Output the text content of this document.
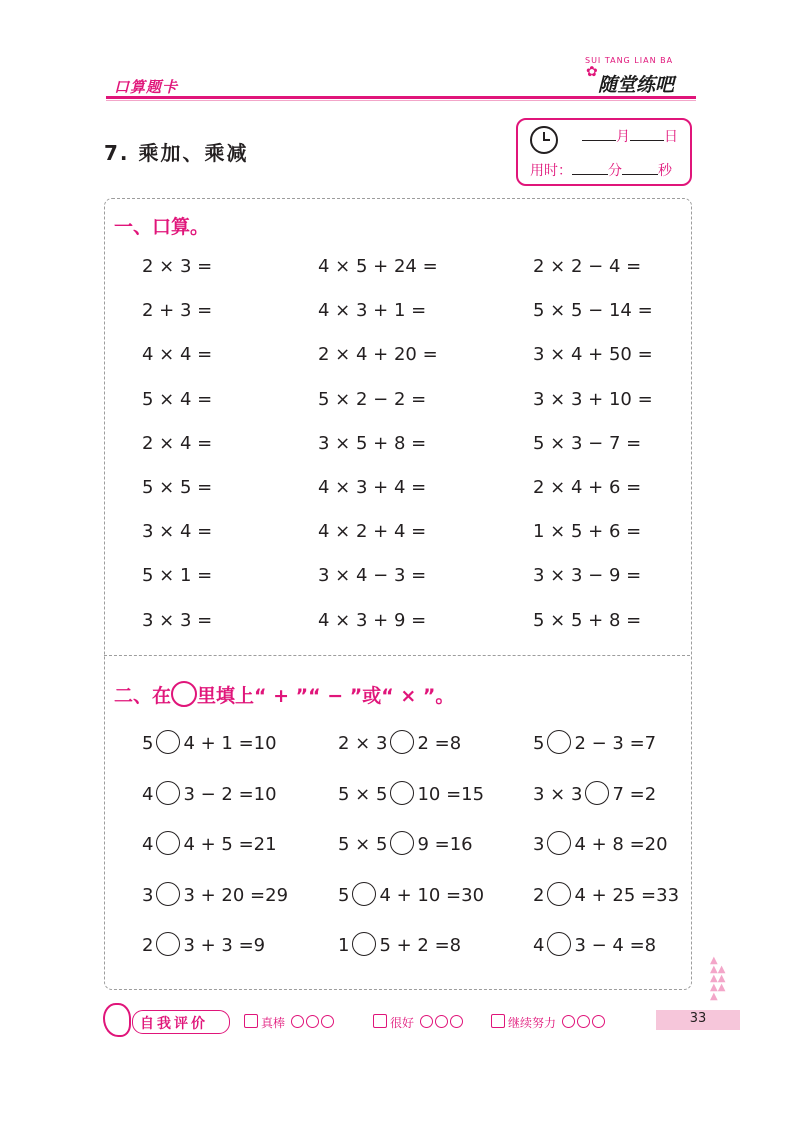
口算题卡
✿
SUI TANG LIAN BA
随堂练吧
7. 乘加、乘减
月 日
用时：	分	秒
一、口算。
2 × 3 =	4 × 5 + 24 =	2 × 2 − 4 =
2 + 3 =	4 × 3 + 1 =	5 × 5 − 14 =
4 × 4 =	2 × 4 + 20 =	3 × 4 + 50 =
5 × 4 =	5 × 2 − 2 =	3 × 3 + 10 =
2 × 4 =	3 × 5 + 8 =	5 × 3 − 7 =
5 × 5 =	4 × 3 + 4 =	2 × 4 + 6 =
3 × 4 =	4 × 2 + 4 =	1 × 5 + 6 =
5 × 1 =	3 × 4 − 3 =	3 × 3 − 9 =
3 × 3 =	4 × 3 + 9 =	5 × 5 + 8 =
二、在 里填上“ + ”“ − ”或“ × ”。
5 4 + 1 =10	2 × 3 2 =8	5 2 − 3 =7
4 3 − 2 =10	5 × 5 10 =15	3 × 3 7 =2
4 4 + 5 =21	5 × 5 9 =16	3 4 + 8 =20
3 3 + 20 =29	5 4 + 10 =30	2 4 + 25 =33
2 3 + 3 =9	1 5 + 2 =8	4 3 − 4 =8
▲
▲▲
▲▲
▲▲
▲
自我评价	真棒	很好	继续努力	33
